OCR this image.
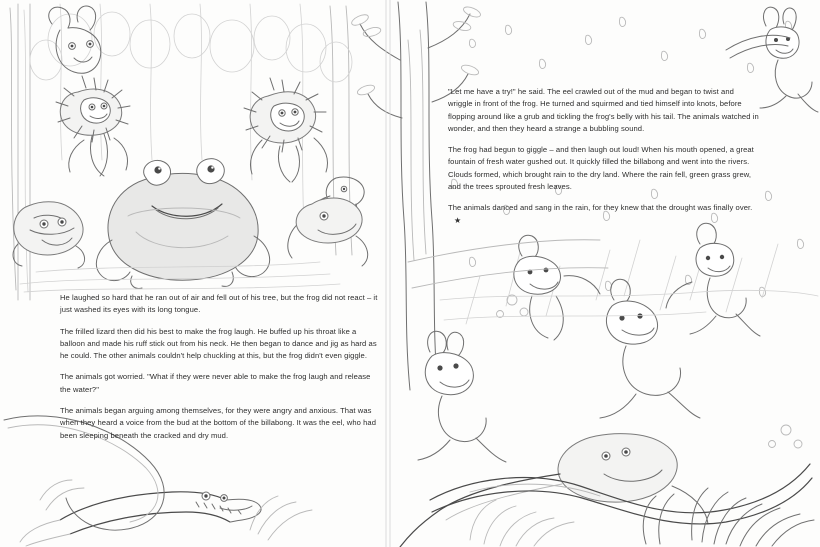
He laughed so hard that he ran out of air and fell out of his tree, but the frog did not react – it just washed its eyes with its long tongue.

The frilled lizard then did his best to make the frog laugh. He buffed up his throat like a balloon and made his ruff stick out from his neck. He then began to dance and jig as hard as he could. The other animals couldn't help chuckling at this, but the frog didn't even giggle.

The animals got worried. "What if they were never able to make the frog laugh and release the water?"

The animals began arguing among themselves, for they were angry and anxious. That was when they heard a voice from the bud at the bottom of the billabong. It was the eel, who had been sleeping beneath the cracked and dry mud.

"Let me have a try!" he said. The eel crawled out of the mud and began to twist and wriggle in front of the frog. He turned and squirmed and tied himself into knots, before flopping around like a grub and tickling the frog's belly with his tail. The animals watched in wonder, and then they heard a strange a bubbling sound.

The frog had begun to giggle – and then laugh out loud! When his mouth opened, a great fountain of fresh water gushed out. It quickly filled the billabong and went into the rivers. Clouds formed, which brought rain to the dry land. Where the rain fell, green grass grew, and the trees sprouted fresh leaves.

The animals danced and sang in the rain, for they knew that the drought was finally over.★
